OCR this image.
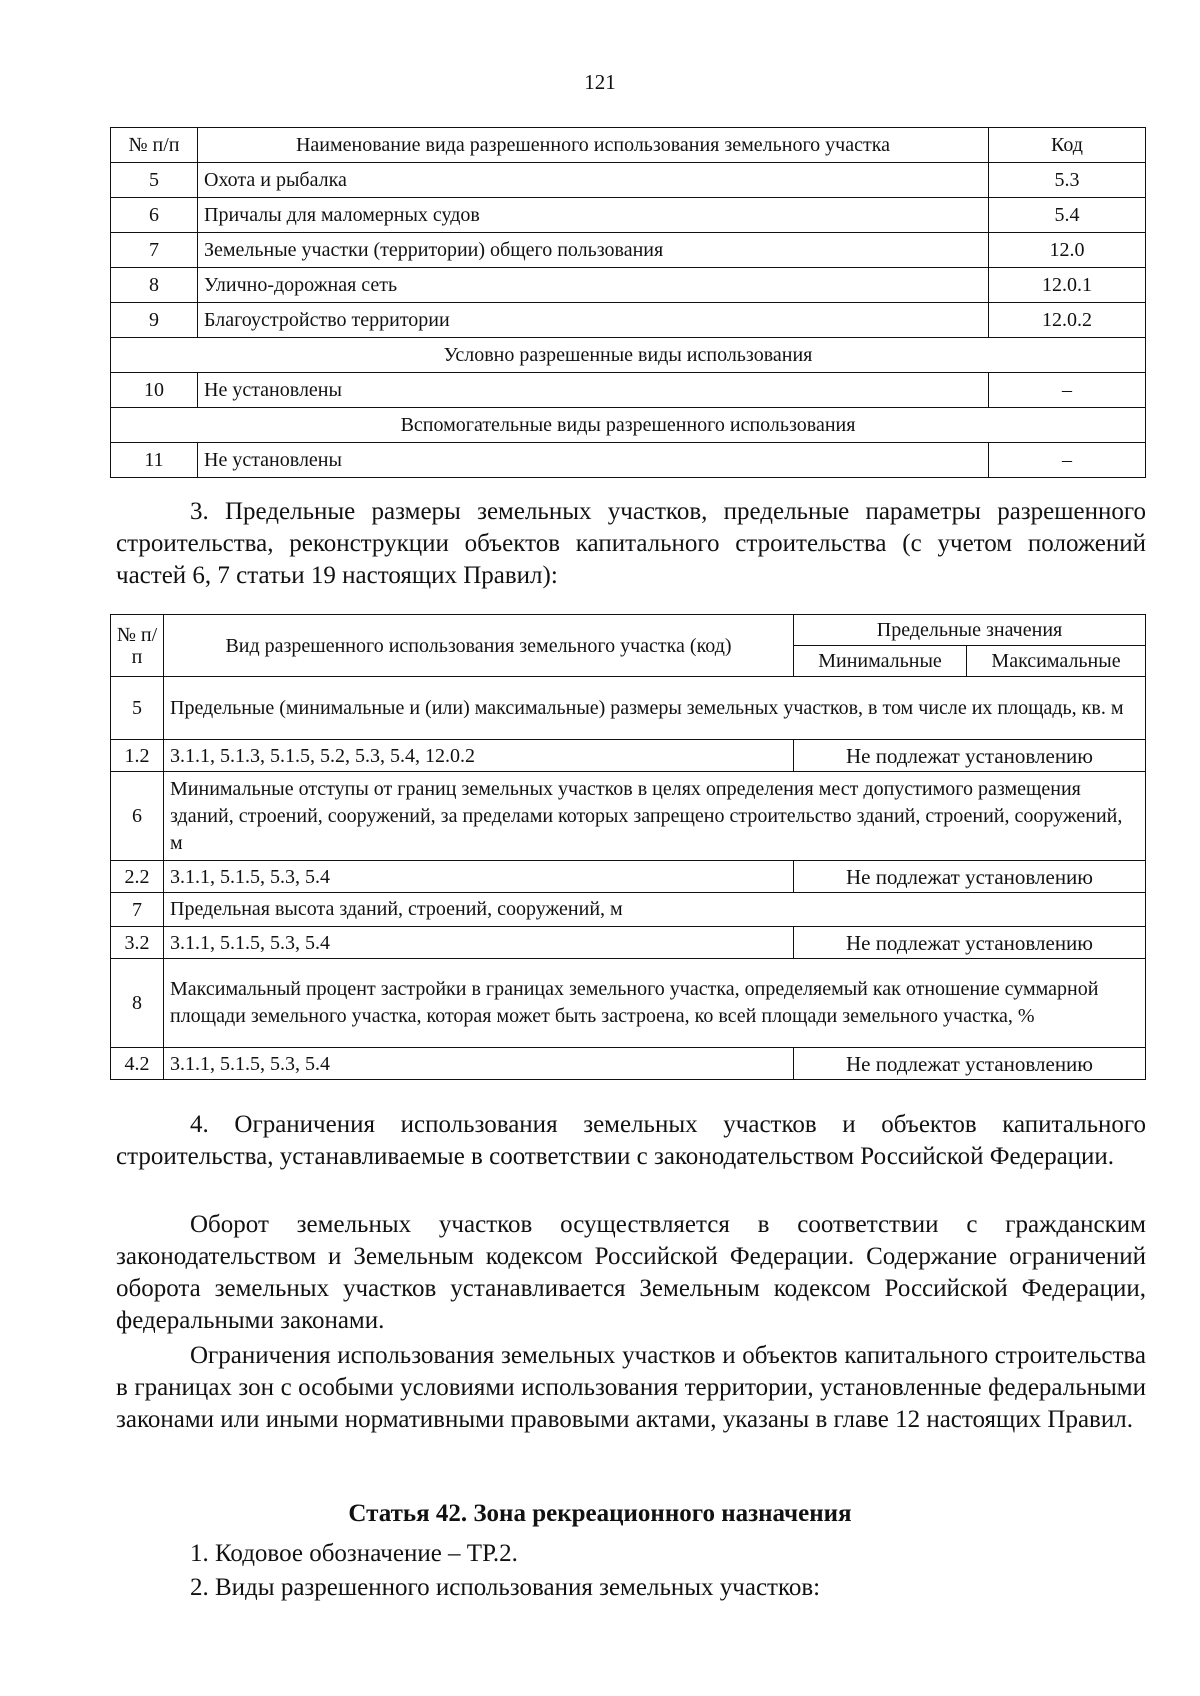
121
№ п/п	Наименование вида разрешенного использования земельного участка	Код
5	Охота и рыбалка	5.3
6	Причалы для маломерных судов	5.4
7	Земельные участки (территории) общего пользования	12.0
8	Улично-дорожная сеть	12.0.1
9	Благоустройство территории	12.0.2
Условно разрешенные виды использования		
10	Не установлены	–
Вспомогательные виды разрешенного использования		
11	Не установлены	–

3. Предельные размеры земельных участков, предельные параметры разрешенного строительства, реконструкции объектов капитального строительства (с учетом положений частей 6, 7 статьи 19 настоящих Правил):

№ п/п	Вид разрешенного использования земельного участка (код)	Предельные значения	
		Минимальные	Максимальные
5	Предельные (минимальные и (или) максимальные) размеры земельных участков, в том числе их площадь, кв. м		
1.2	3.1.1, 5.1.3, 5.1.5, 5.2, 5.3, 5.4, 12.0.2	Не подлежат установлению	
6	Минимальные отступы от границ земельных участков в целях определения мест допустимого размещения зданий, строений, сооружений, за пределами которых запрещено строительство зданий, строений, сооружений, м		
2.2	3.1.1, 5.1.5, 5.3, 5.4	Не подлежат установлению	
7	Предельная высота зданий, строений, сооружений, м		
3.2	3.1.1, 5.1.5, 5.3, 5.4	Не подлежат установлению	
8	Максимальный процент застройки в границах земельного участка, определяемый как отношение суммарной площади земельного участка, которая может быть застроена, ко всей площади земельного участка, %		
4.2	3.1.1, 5.1.5, 5.3, 5.4	Не подлежат установлению	

4. Ограничения использования земельных участков и объектов капитального строительства, устанавливаемые в соответствии с законодательством Российской Федерации.

Оборот земельных участков осуществляется в соответствии с гражданским законодательством и Земельным кодексом Российской Федерации. Содержание ограничений оборота земельных участков устанавливается Земельным кодексом Российской Федерации, федеральными законами.

Ограничения использования земельных участков и объектов капитального строительства в границах зон с особыми условиями использования территории, установленные федеральными законами или иными нормативными правовыми актами, указаны в главе 12 настоящих Правил.

Статья 42. Зона рекреационного назначения

1. Кодовое обозначение – ТР.2.

2. Виды разрешенного использования земельных участков:
